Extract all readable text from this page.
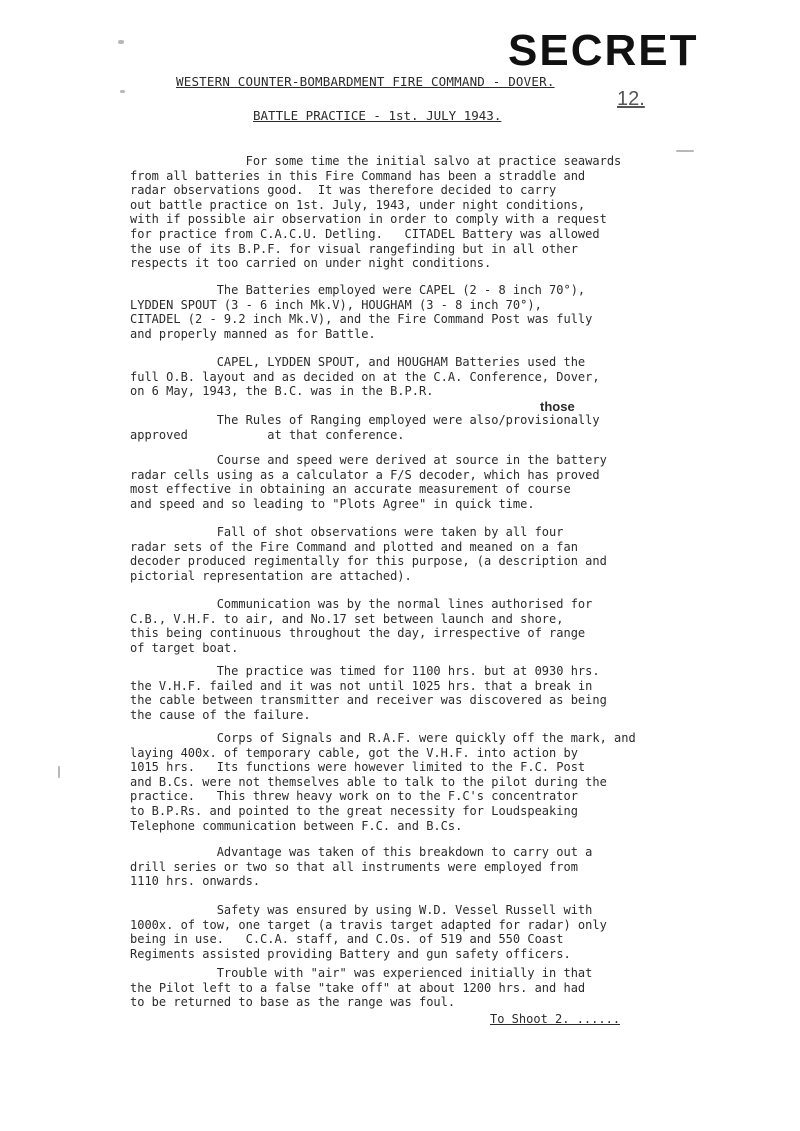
SECRET
12.
WESTERN COUNTER-BOMBARDMENT FIRE COMMAND - DOVER.
BATTLE PRACTICE - 1st. JULY 1943.
For some time the initial salvo at practice seawards
from all batteries in this Fire Command has been a straddle and
radar observations good.  It was therefore decided to carry
out battle practice on 1st. July, 1943, under night conditions,
with if possible air observation in order to comply with a request
for practice from C.A.C.U. Detling.   CITADEL Battery was allowed
the use of its B.P.F. for visual rangefinding but in all other
respects it too carried on under night conditions.
The Batteries employed were CAPEL (2 - 8 inch 70°),
LYDDEN SPOUT (3 - 6 inch Mk.V), HOUGHAM (3 - 8 inch 70°),
CITADEL (2 - 9.2 inch Mk.V), and the Fire Command Post was fully
and properly manned as for Battle.
CAPEL, LYDDEN SPOUT, and HOUGHAM Batteries used the
full O.B. layout and as decided on at the C.A. Conference, Dover,
on 6 May, 1943, the B.C. was in the B.P.R.
those
The Rules of Ranging employed were also/provisionally
approved           at that conference.
Course and speed were derived at source in the battery
radar cells using as a calculator a F/S decoder, which has proved
most effective in obtaining an accurate measurement of course
and speed and so leading to "Plots Agree" in quick time.
Fall of shot observations were taken by all four
radar sets of the Fire Command and plotted and meaned on a fan
decoder produced regimentally for this purpose, (a description and
pictorial representation are attached).
Communication was by the normal lines authorised for
C.B., V.H.F. to air, and No.17 set between launch and shore,
this being continuous throughout the day, irrespective of range
of target boat.
The practice was timed for 1100 hrs. but at 0930 hrs.
the V.H.F. failed and it was not until 1025 hrs. that a break in
the cable between transmitter and receiver was discovered as being
the cause of the failure.
Corps of Signals and R.A.F. were quickly off the mark, and
laying 400x. of temporary cable, got the V.H.F. into action by
1015 hrs.   Its functions were however limited to the F.C. Post
and B.Cs. were not themselves able to talk to the pilot during the
practice.   This threw heavy work on to the F.C's concentrator
to B.P.Rs. and pointed to the great necessity for Loudspeaking
Telephone communication between F.C. and B.Cs.
Advantage was taken of this breakdown to carry out a
drill series or two so that all instruments were employed from
1110 hrs. onwards.
Safety was ensured by using W.D. Vessel Russell with
1000x. of tow, one target (a travis target adapted for radar) only
being in use.   C.C.A. staff, and C.Os. of 519 and 550 Coast
Regiments assisted providing Battery and gun safety officers.
Trouble with "air" was experienced initially in that
the Pilot left to a false "take off" at about 1200 hrs. and had
to be returned to base as the range was foul.
To Shoot 2. ......
